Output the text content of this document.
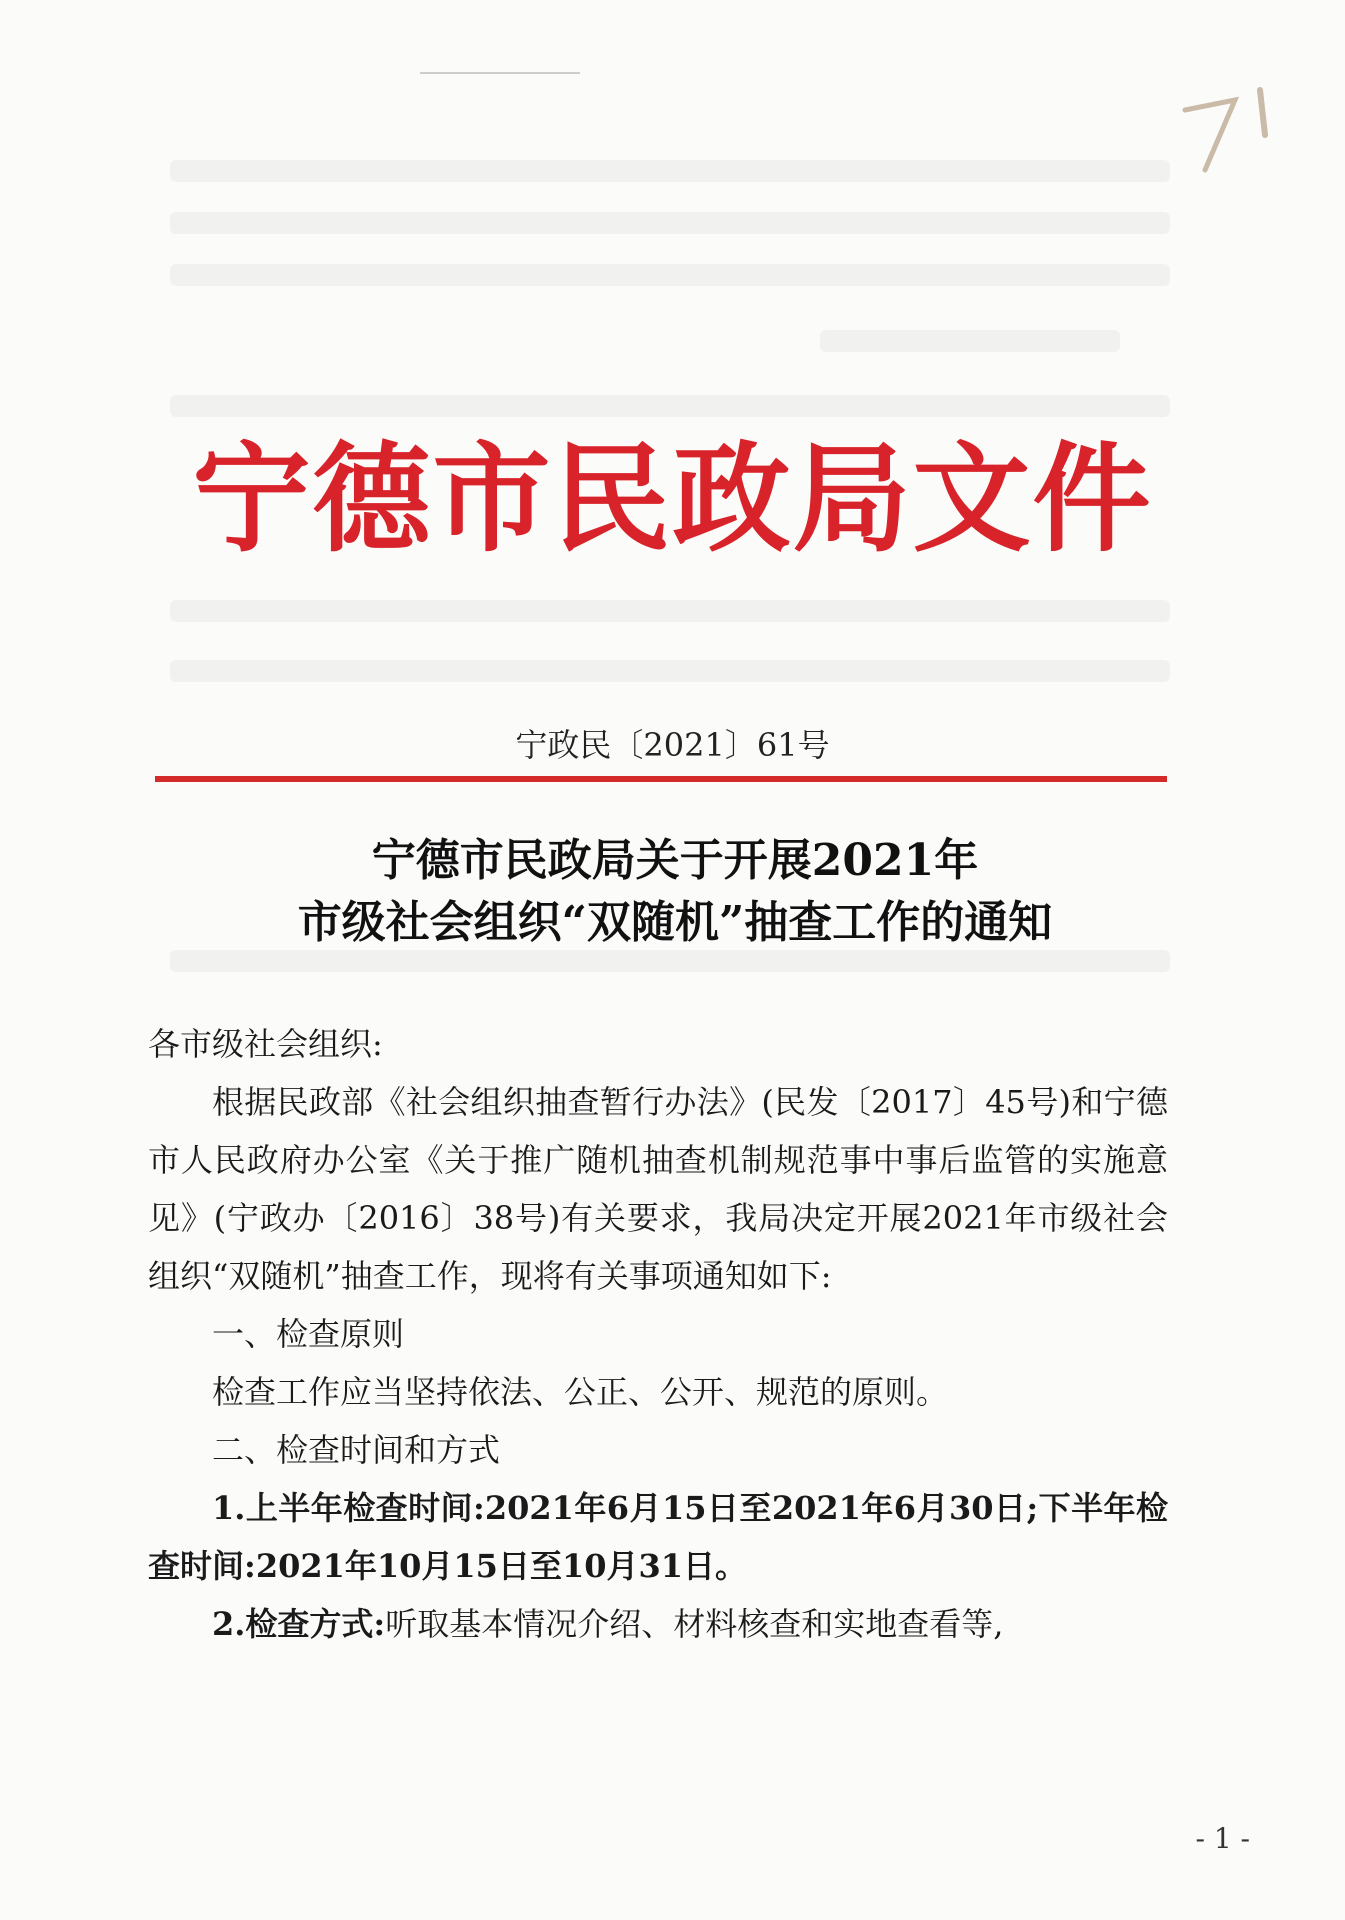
宁德市民政局文件
宁政民〔2021〕61号
宁德市民政局关于开展2021年
市级社会组织“双随机”抽查工作的通知

各市级社会组织:

根据民政部《社会组织抽查暂行办法》(民发〔2017〕45号)和宁德市人民政府办公室《关于推广随机抽查机制规范事中事后监管的实施意见》(宁政办〔2016〕38号)有关要求，我局决定开展2021年市级社会组织“双随机”抽查工作，现将有关事项通知如下:

一、检查原则

检查工作应当坚持依法、公正、公开、规范的原则。

二、检查时间和方式

1.上半年检查时间:2021年6月15日至2021年6月30日;下半年检查时间:2021年10月15日至10月31日。

2.检查方式:听取基本情况介绍、材料核查和实地查看等,

- 1 -
